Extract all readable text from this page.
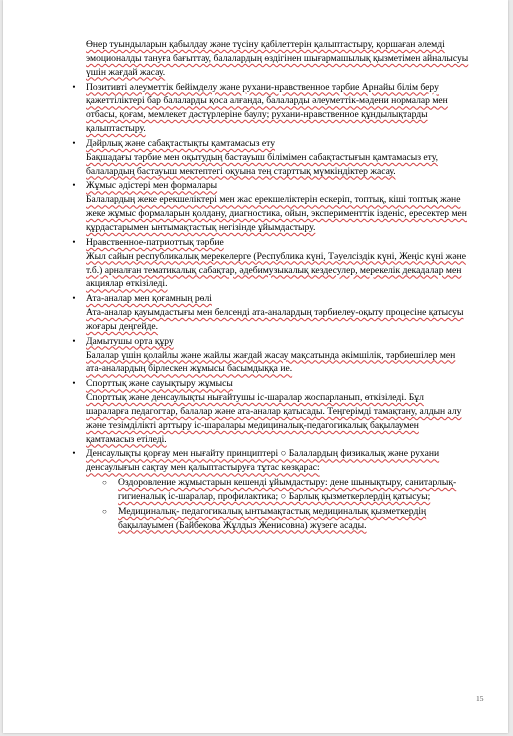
Өнер туындыларын қабылдау және түсіну қабілеттерін қалыптастыру, қоршаған әлемді эмоционалды тануға бағыттау, балалардың өздігінен шығармашылық қызметімен айналысуы үшін жағдай жасау.

•	Позитивті әлеуметтік бейімделу және рухани-нравственное тәрбие Арнайы білім беру қажеттіліктері бар балаларды қоса алғанда, балаларды әлеуметтік-мәдени нормалар мен отбасы, қоғам, мемлекет дәстүрлеріне баулу; рухани-нравственное құндылықтарды қалыптастыру.
•	Дәйрлық және сабақтастықты қамтамасыз ету
Бақшадағы тәрбие мен оқытудың бастауыш білімімен сабақтастығын қамтамасыз ету, балалардың бастауыш мектептегі оқуына тең старттық мүмкіндіктер жасау.
•	Жұмыс әдістері мен формалары
Балалардың жеке ерекшеліктері мен жас ерекшеліктерін ескеріп, топтық, кіші топтық және жеке жұмыс формаларын қолдану, диагностика, ойын, эксперименттік ізденіс, ересектер мен құрдастарымен ынтымақтастық негізінде ұйымдастыру.
•	Нравственное-патриоттық тәрбие
Жыл сайын республикалық мерекелерге (Республика күні, Тәуелсіздік күні, Жеңіс күні және т.б.) арналған тематикалық сабақтар, әдебимузыкалық кездесулер, мерекелік декадалар мен акциялар өткізіледі.
•	Ата-аналар мен қоғамның рөлі
Ата-аналар қауымдастығы мен белсенді ата-аналардың тәрбиелеу-оқыту процесіне қатысуы жоғары деңгейде.
•	Дамытушы орта құру
Балалар үшін қолайлы және жайлы жағдай жасау мақсатында әкімшілік, тәрбиешілер мен ата-аналардың бірлескен жұмысы басымдыққа ие.
•	Спорттық және сауықтыру жұмысы
Спорттық және денсаулықты нығайтушы іс-шаралар жоспарланып, өткізіледі. Бұл шараларға педагогтар, балалар және ата-аналар қатысады. Теңгерімді тамақтану, алдын алу және тезімділікті арттыру іс-шаралары медициналық-педагогикалық бақылаумен қамтамасыз етіледі.
•	Денсаулықты қорғау мен нығайту принциптері ○ Балалардың физикалық және рухани денсаулығын сақтау мен қалыптастыруға тұтас көзқарас:
○ Оздоровление жұмыстарын кешенді ұйымдастыру: дене шынықтыру, санитарлық-гигиеналық іс-шаралар, профилактика; ○ Барлық қызметкерлердің қатысуы;
○ Медициналық- педагогикалық ынтымақтастық медициналық қызметкердің бақылауымен (Байбекова Жұлдыз Женисовна) жүзеге асады.
15
